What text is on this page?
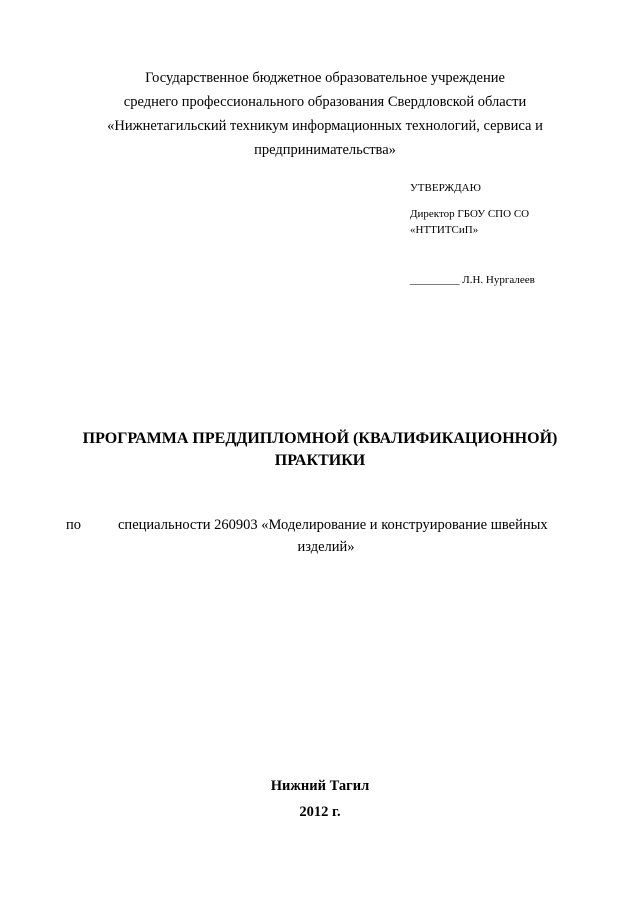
Государственное бюджетное образовательное учреждение
среднего профессионального образования Свердловской области
«Нижнетагильский техникум информационных технологий, сервиса и
предпринимательства»
УТВЕРЖДАЮ
Директор ГБОУ СПО СО
«НТТИТСиП»
_________ Л.Н. Нургалеев
ПРОГРАММА ПРЕДДИПЛОМНОЙ (КВАЛИФИКАЦИОННОЙ)
ПРАКТИКИ
по	специальности 260903 «Моделирование и конструирование швейных
изделий»
Нижний Тагил
2012 г.
